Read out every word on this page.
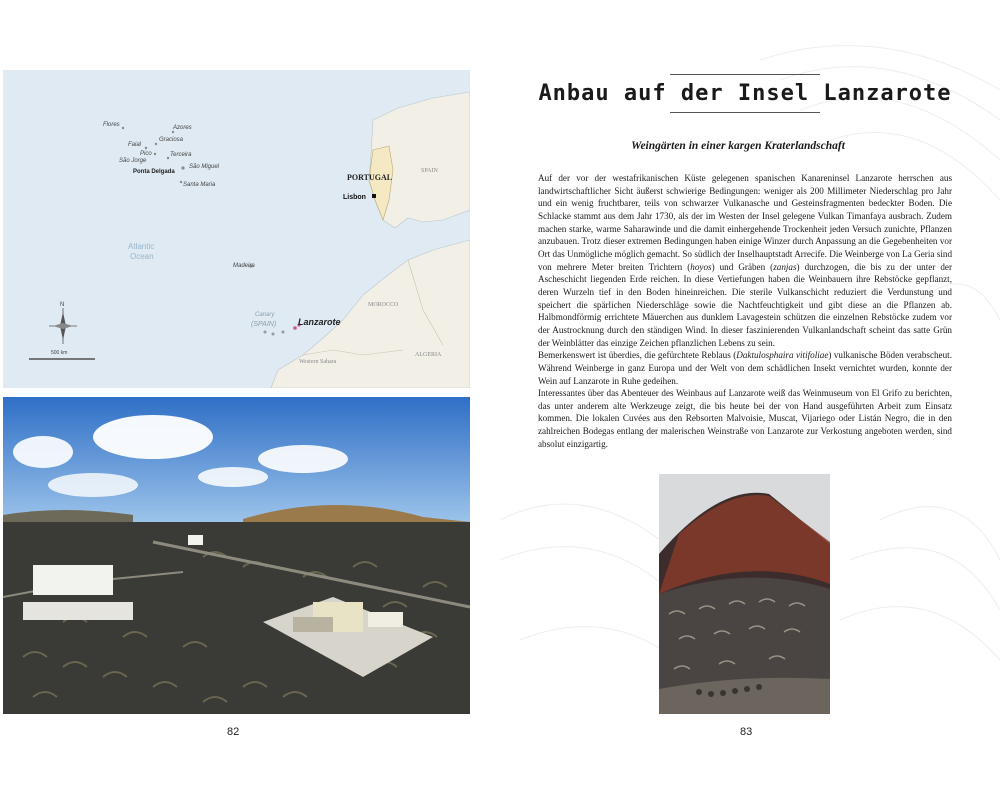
Flores	Azores
Graciosa
Faial
Pico	Terceira
São Jorge
São Miguel
Ponta Delgada
Santa Maria
Madeira
Canary
(SPAIN) Lanzarote
PORTUGAL
SPAIN
MOROCCO
ALGERIA
Western Sahara
Lisbon
Atlantic
Ocean
N
500 km
82
Anbau auf der Insel Lanzarote
Weingärten in einer kargen Kraterlandschaft

Auf der vor der westafrikanischen Küste gelegenen spanischen Kanareninsel Lanzarote herrschen aus landwirtschaftlicher Sicht äußerst schwierige Bedingungen: weniger als 200 Millimeter Niederschlag pro Jahr und ein wenig fruchtbarer, teils von schwarzer Vulkanasche und Gesteinsfragmenten bedeckter Boden. Die Schlacke stammt aus dem Jahr 1730, als der im Westen der Insel gelegene Vulkan Timanfaya ausbrach. Zudem machen starke, warme Saharawinde und die damit einhergehende Trockenheit jeden Versuch zunichte, Pflanzen anzubauen. Trotz dieser extremen Bedingungen haben einige Winzer durch Anpassung an die Gegebenheiten vor Ort das Unmögliche möglich gemacht. So südlich der Inselhauptstadt Arrecife. Die Weinberge von La Geria sind von mehrere Meter breiten Trichtern (hoyos) und Gräben (zanjas) durchzogen, die bis zu der unter der Ascheschicht liegenden Erde reichen. In diese Vertiefungen haben die Weinbauern ihre Rebstöcke gepflanzt, deren Wurzeln tief in den Boden hineinreichen. Die sterile Vulkanschicht reduziert die Verdunstung und speichert die spärlichen Niederschläge sowie die Nachtfeuchtigkeit und gibt diese an die Pflanzen ab. Halbmondförmig errichtete Mäuerchen aus dunklem Lavagestein schützen die einzelnen Rebstöcke zudem vor der Austrocknung durch den ständigen Wind. In dieser faszinierenden Vulkanlandschaft scheint das satte Grün der Weinblätter das einzige Zeichen pflanzlichen Lebens zu sein.

Bemerkenswert ist überdies, die gefürchtete Reblaus (Daktulosphaira vitifoliae) vulkanische Böden verabscheut. Während Weinberge in ganz Europa und der Welt von dem schädlichen Insekt vernichtet wurden, konnte der Wein auf Lanzarote in Ruhe gedeihen.

Interessantes über das Abenteuer des Weinbaus auf Lanzarote weiß das Weinmuseum von El Grifo zu berichten, das unter anderem alte Werkzeuge zeigt, die bis heute bei der von Hand ausgeführten Arbeit zum Einsatz kommen. Die lokalen Cuvées aus den Rebsorten Malvoisie, Muscat, Vijariego oder Listán Negro, die in den zahlreichen Bodegas entlang der malerischen Weinstraße von Lanzarote zur Verkostung angeboten werden, sind absolut einzigartig.

83
